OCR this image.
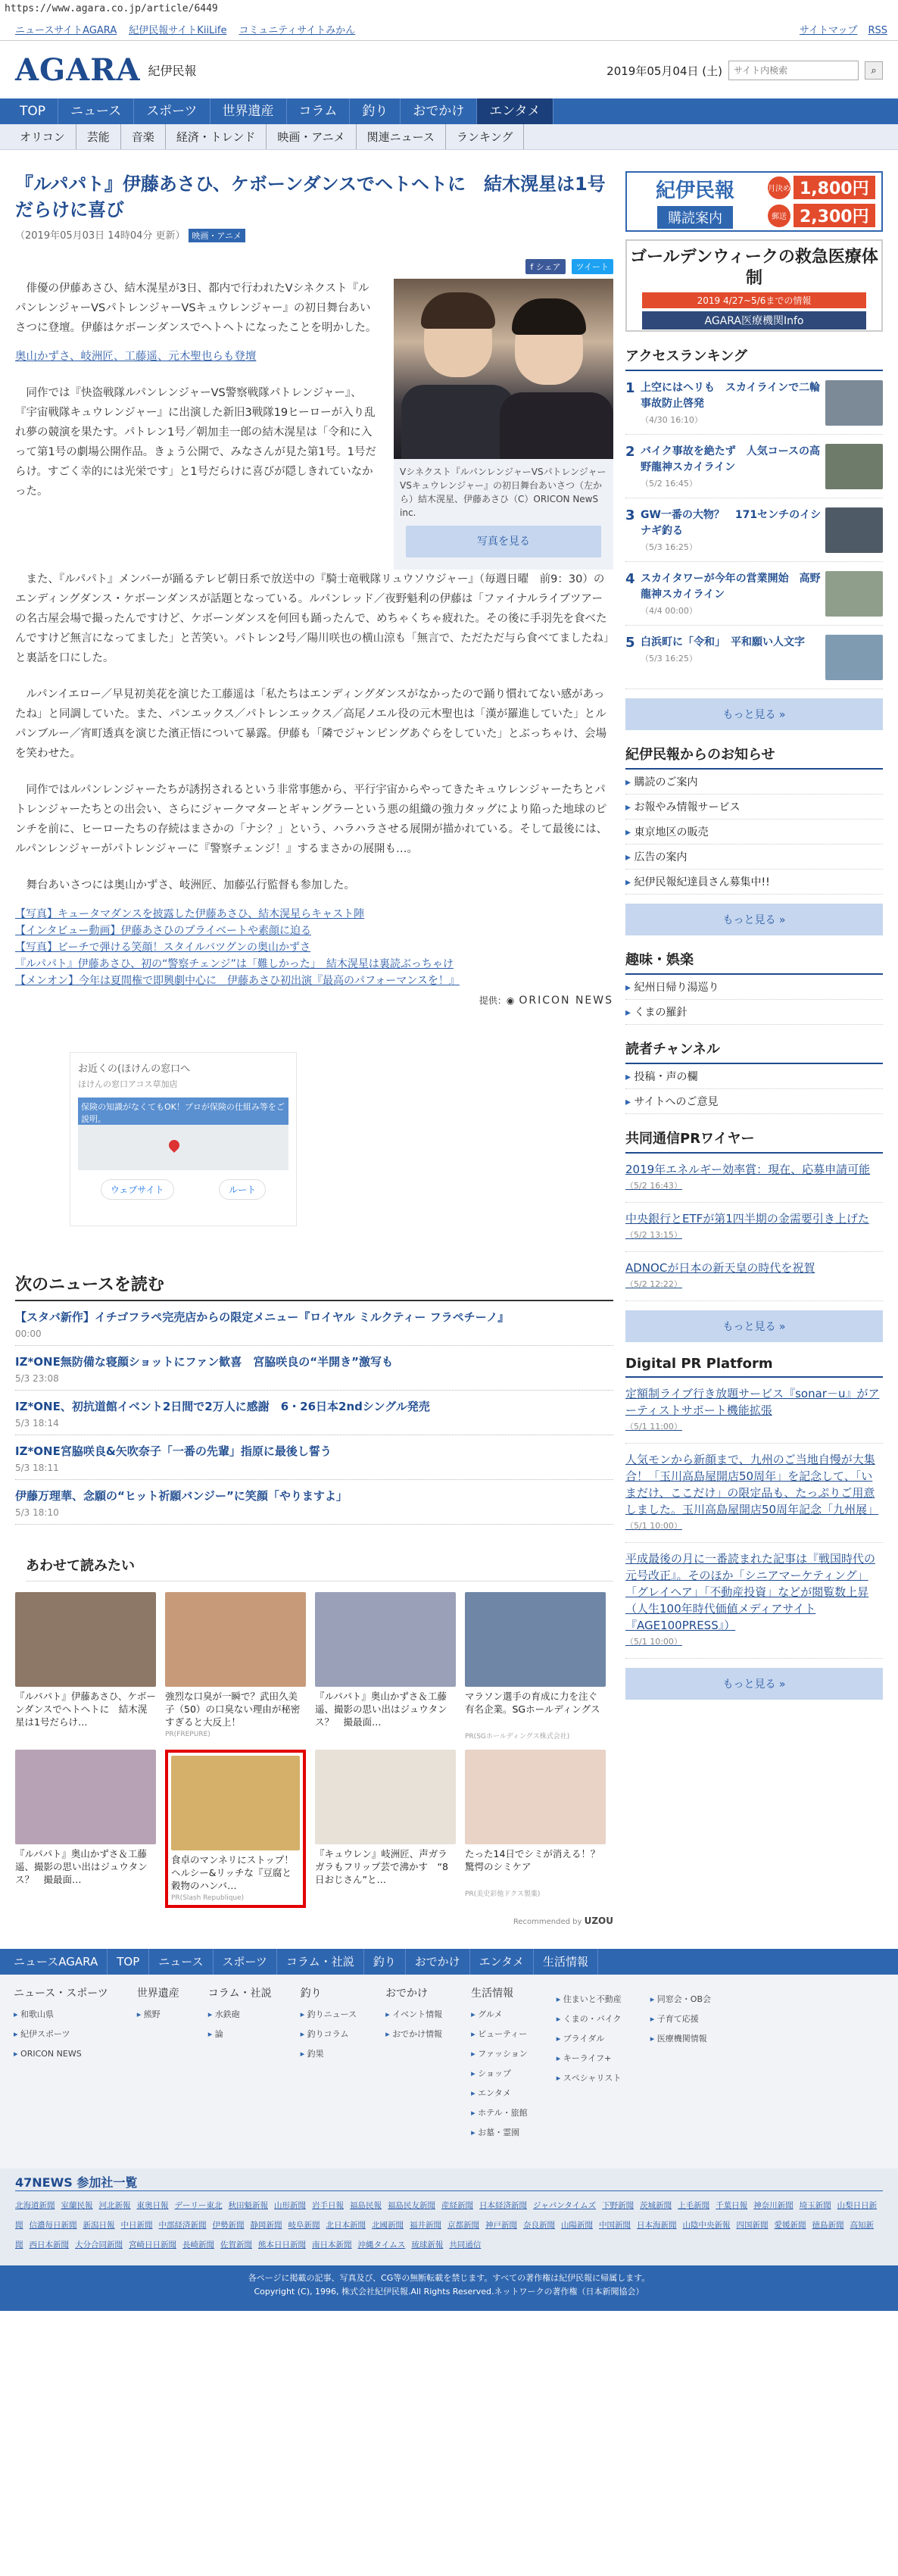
https://www.agara.co.jp/article/6449
ニュースサイトAGARA 紀伊民報サイトKiiLife コミュニティサイトみかん	サイトマップ RSS
AGARA 紀伊民報	2019年05月04日 (土)
サイト内検索	⌕
TOP	ニュース	スポーツ	世界遺産	コラム	釣り	おでかけ	エンタメ
オリコン	芸能	音楽	経済・トレンド	映画・アニメ	関連ニュース	ランキング
『ルパパト』伊藤あさひ、ケボーンダンスでヘトヘトに　結木滉星は1号だらけに喜び
（2019年05月03日 14時04分 更新） 映画・アニメ
f シェア	ツイート

俳優の伊藤あさひ、結木滉星が3日、都内で行われたVシネクスト『ルパンレンジャーVSパトレンジャーVSキュウレンジャー』の初日舞台あいさつに登壇。伊藤はケボーンダンスでヘトヘトになったことを明かした。

奥山かずさ、岐洲匠、工藤遥、元木聖也らも登壇

同作では『快盗戦隊ルパンレンジャーVS警察戦隊パトレンジャー』、『宇宙戦隊キュウレンジャー』に出演した新旧3戦隊19ヒーローが入り乱れ夢の競演を果たす。パトレン1号／朝加圭一郎の結木滉星は「令和に入って第1号の劇場公開作品。きょう公開で、みなさんが見た第1号。1号だらけ。すごく幸的には光栄です」と1号だらけに喜びが隠しきれていなかった。

Vシネクスト『ルパンレンジャーVSパトレンジャーVSキュウレンジャー』の初日舞台あいさつ（左から）結木滉星、伊藤あさひ（C）ORICON NewS inc.
写真を見る

また、『ルパパト』メンバーが踊るテレビ朝日系で放送中の『騎士竜戦隊リュウソウジャー』（毎週日曜　前9：30）のエンディングダンス・ケボーンダンスが話題となっている。ルパンレッド／夜野魁利の伊藤は「ファイナルライブツアーの名古屋会場で撮ったんですけど、ケボーンダンスを何回も踊ったんで、めちゃくちゃ疲れた。その後に手羽先を食べたんですけど無言になってました」と苦笑い。パトレン2号／陽川咲也の横山涼も「無言で、ただただ与ら食べてましたね」と裏話を口にした。

ルパンイエロー／早見初美花を演じた工藤遥は「私たちはエンディングダンスがなかったので踊り慣れてない感があったね」と同調していた。また、パンエックス／パトレンエックス／高尾ノエル役の元木聖也は「漢が羅進していた」とルパンブルー／宵町透真を演じた濱正悟について暴露。伊藤も「隣でジャンピングあぐらをしていた」とぶっちゃけ、会場を笑わせた。

同作ではルパンレンジャーたちが誘拐されるという非常事態から、平行宇宙からやってきたキュウレンジャーたちとパトレンジャーたちとの出会い、さらにジャークマターとギャングラーという悪の組織の強力タッグにより陥った地球のピンチを前に、ヒーローたちの存続はまさかの「ナシ？」という、ハラハラさせる展開が描かれている。そして最後には、ルパンレンジャーがパトレンジャーに『警察チェンジ！』するまさかの展開も…。

舞台あいさつには奥山かずさ、岐洲匠、加藤弘行監督も参加した。

【写真】キュータマダンスを披露した伊藤あさひ、結木滉星らキャスト陣
【インタビュー動画】伊藤あさひのプライベートや素顔に迫る
【写真】ビーチで弾ける笑顔！スタイルバツグンの奥山かずさ
『ルパパト』伊藤あさひ、初の“警察チェンジ”は「難しかった」　結木滉星は裏読ぶっちゃけ
【メンオン】今年は夏間権で即興劇中心に　伊藤あさひ初出演『最高のパフォーマンスを！』
提供：◉ ORICON NEWS
お近くの(ほけんの窓口へ
ほけんの窓口アコス草加店
保険の知識がなくてもOK！プロが保険の仕組み等をご説明。
ウェブサイト	ルート
次のニュースを読む
【スタバ新作】イチゴフラペ完売店からの限定メニュー『ロイヤル ミルクティー フラペチーノ』
00:00
IZ*ONE無防備な寝顔ショットにファン歓喜　宮脇咲良の“半開き”激写も
5/3 23:08
IZ*ONE、初抗道館イベント2日間で2万人に感謝　6・26日本2ndシングル発売
5/3 18:14
IZ*ONE宮脇咲良&矢吹奈子「一番の先輩」指原に最後し誓う
5/3 18:11
伊藤万理華、念願の“ヒット祈願バンジー”に笑顔「やりますよ」
5/3 18:10
あわせて読みたい
『ルパパト』伊藤あさひ、ケボーンダンスでヘトヘトに　結木滉星は1号だらけ…
強烈な口臭が一瞬で？武田久美子（50）の口臭ない理由が秘密すぎると大反上！
PR(FREPURE)
『ルパパト』奥山かずさ＆工藤遥、撮影の思い出はジュウタンス？　撮最面…
マラソン選手の育成に力を注ぐ有名企業。SGホールディングス
PR(SGホールディングス株式会社)
『ルパパト』奥山かずさ＆工藤遥、撮影の思い出はジュウタンス？　撮最面…
食卓のマンネリにストップ！ヘルシー&リッチな『豆腐と穀物のハンバ…
PR(Slash Republique)
『キュウレン』岐洲匠、声ガラガラもフリップ芸で沸かす　“8日おじさん”と…
たった14日でシミが消える！？驚愕のシミケア
PR(美史彩他ドクス製薬)
Recommended by UZOU
紀伊民報
購読案内
月決め 1,800円
郵送 2,300円
ゴールデンウィークの救急医療体制
2019 4/27~5/6までの情報
AGARA医療機関Info
アクセスランキング
1 上空にはヘリも　スカイラインで二輪事故防止啓発
（4/30 16:10）
2 バイク事故を絶たず　人気コースの高野龍神スカイライン
（5/2 16:45）
3 GW一番の大物？　171センチのイシナギ釣る
（5/3 16:25）
4 スカイタワーが今年の営業開始　高野龍神スカイライン
（4/4 00:00）
5 白浜町に「令和」　平和願い人文字
（5/3 16:25）
もっと見る »
紀伊民報からのお知らせ
▸ 購読のご案内
▸ お報やみ情報サービス
▸ 東京地区の販売
▸ 広告の案内
▸ 紀伊民報紀達員さん募集中!!
もっと見る »
趣味・娯楽
▸ 紀州日帰り湯巡り
▸ くまの羅針
読者チャンネル
▸ 投稿・声の欄
▸ サイトへのご意見
共同通信PRワイヤー
2019年エネルギー効率賞：現在、応募申請可能
（5/2 16:43）
中央銀行とETFが第1四半期の金需要引き上げた
（5/2 13:15）
ADNOCが日本の新天皇の時代を祝賀
（5/2 12:22）
もっと見る »
Digital PR Platform
定額制ライブ行き放題サービス『sonar－u』がアーティストサポート機能拡張
（5/1 11:00）
人気モンから新顔まで、九州のご当地自慢が大集合！「玉川高島屋開店50周年」を記念して、「いまだけ、ここだけ」の限定品も、たっぷりご用意しました。玉川高島屋開店50周年記念「九州展」
（5/1 10:00）
平成最後の月に一番読まれた記事は『戦国時代の元号改正』。そのほか「シニアマーケティング」「グレイヘア」「不動産投資」などが閲覧数上昇（人生100年時代価値メディアサイト『AGE100PRESS』）
（5/1 10:00）
もっと見る »
ニュースAGARA	TOP	ニュース	スポーツ	コラム・社説	釣り	おでかけ	エンタメ	生活情報
ニュース・スポーツ
▸ 和歌山県
▸ 紀伊スポーツ
▸ ORICON NEWS
世界遺産
▸ 熊野
コラム・社説
▸ 水鉄砲
▸ 論
釣り
▸ 釣りニュース
▸ 釣りコラム
▸ 釣果
おでかけ
▸ イベント情報
▸ おでかけ情報
生活情報
▸ グルメ
▸ ビューティー
▸ ファッション
▸ ショップ
▸ エンタメ
▸ ホテル・旅館
▸ お墓・霊園
▸ 住まいと不動産
▸ くまの・バイク
▸ ブライダル
▸ キーライフ+
▸ スペシャリスト
▸ 同窓会・OB会
▸ 子育て応援
▸ 医療機関情報
47NEWS 参加社一覧
北海道新聞 室蘭民報 河北新報 東奥日報 デーリー東北 秋田魁新報 山形新聞 岩手日報 福島民報 福島民友新聞 産経新聞 日本経済新聞 ジャパンタイムズ 下野新聞 茨城新聞 上毛新聞 千葉日報 神奈川新聞 埼玉新聞 山梨日日新聞 信濃毎日新聞 新潟日報 中日新聞 中部経済新聞 伊勢新聞 静岡新聞 岐阜新聞 北日本新聞 北國新聞 福井新聞 京都新聞 神戸新聞 奈良新聞 山陽新聞 中国新聞 日本海新聞 山陰中央新報 四国新聞 愛媛新聞 徳島新聞 高知新聞 西日本新聞 大分合同新聞 宮崎日日新聞 長崎新聞 佐賀新聞 熊本日日新聞 南日本新聞 沖縄タイムス 琉球新報 共同通信
各ページに掲載の記事、写真及び、CG等の無断転載を禁じます。すべての著作権は紀伊民報に帰属します。
Copyright (C), 1996, 株式会社紀伊民報.All Rights Reserved.ネットワークの著作権（日本新聞協会）
